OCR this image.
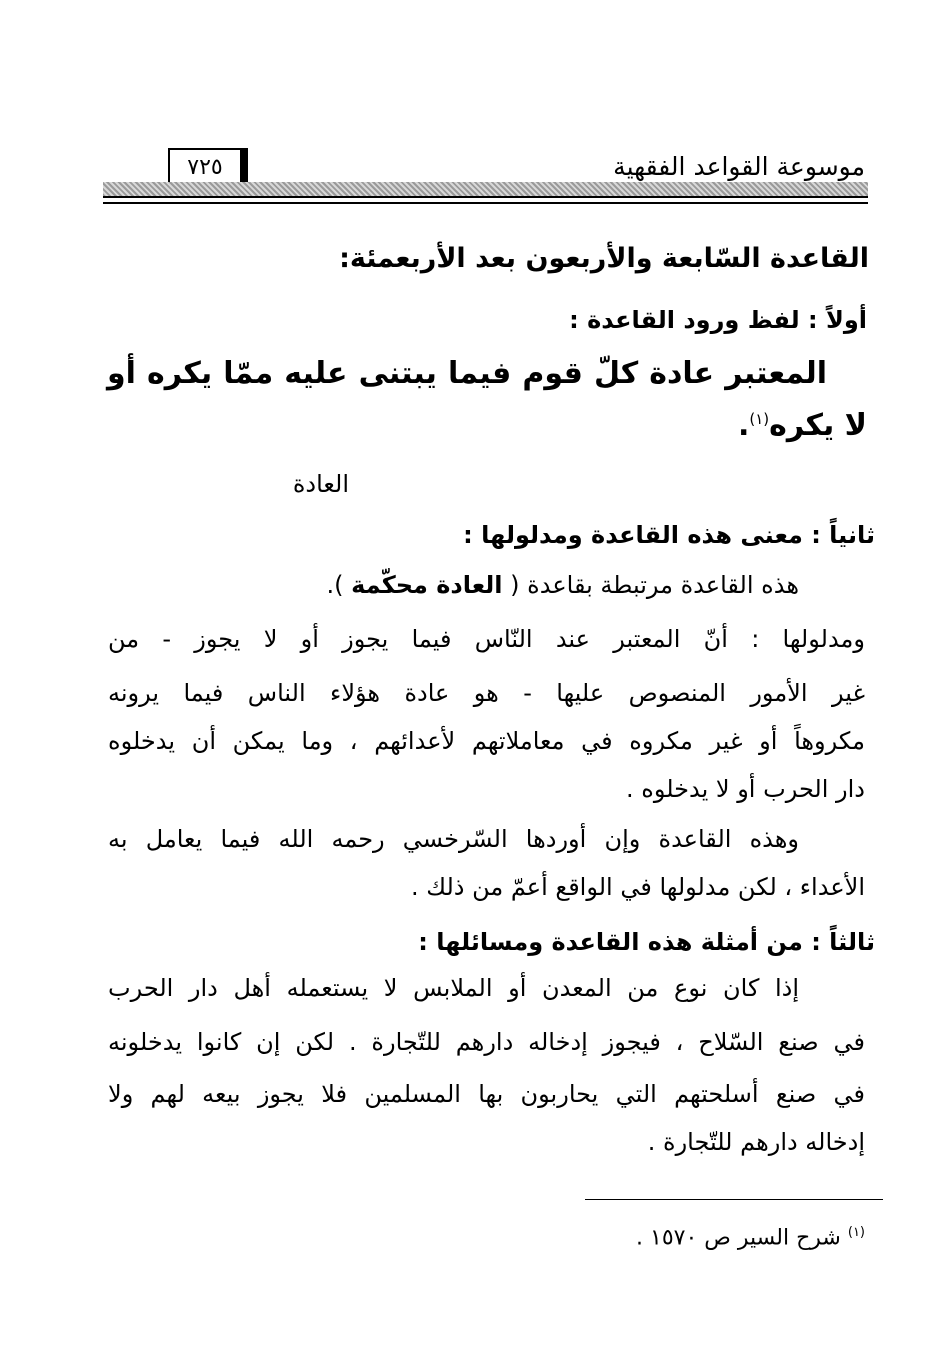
موسوعة القواعد الفقهية
٧٢٥
القاعدة السّابعة والأربعون بعد الأربعمئة:
أولاً : لفظ ورود القاعدة :
المعتبر عادة كلّ قوم فيما يبتنى عليه ممّا يكره أو
لا يكره$^{(١)}$.
العادة
ثانياً : معنى هذه القاعدة ومدلولها :
هذه القاعدة مرتبطة بقاعدة ( العادة محكّمة ).
ومدلولها : أنّ المعتبر عند النّاس فيما يجوز أو لا يجوز - من
غير الأمور المنصوص عليها - هو عادة هؤلاء الناس فيما يرونه
مكروهاً أو غير مكروه في معاملاتهم لأعدائهم ، وما يمكن أن يدخلوه
دار الحرب أو لا يدخلوه .
وهذه القاعدة وإن أوردها السّرخسي رحمه الله فيما يعامل به
الأعداء ، لكن مدلولها في الواقع أعمّ من ذلك .
ثالثاً : من أمثلة هذه القاعدة ومسائلها :
إذا كان نوع من المعدن أو الملابس لا يستعمله أهل دار الحرب
في صنع السّلاح ، فيجوز إدخاله دارهم للتّجارة . لكن إن كانوا يدخلونه
في صنع أسلحتهم التي يحاربون بها المسلمين فلا يجوز بيعه لهم ولا
إدخاله دارهم للتّجارة .
$^{(١)}$ شرح السير ص ١٥٧٠ .
